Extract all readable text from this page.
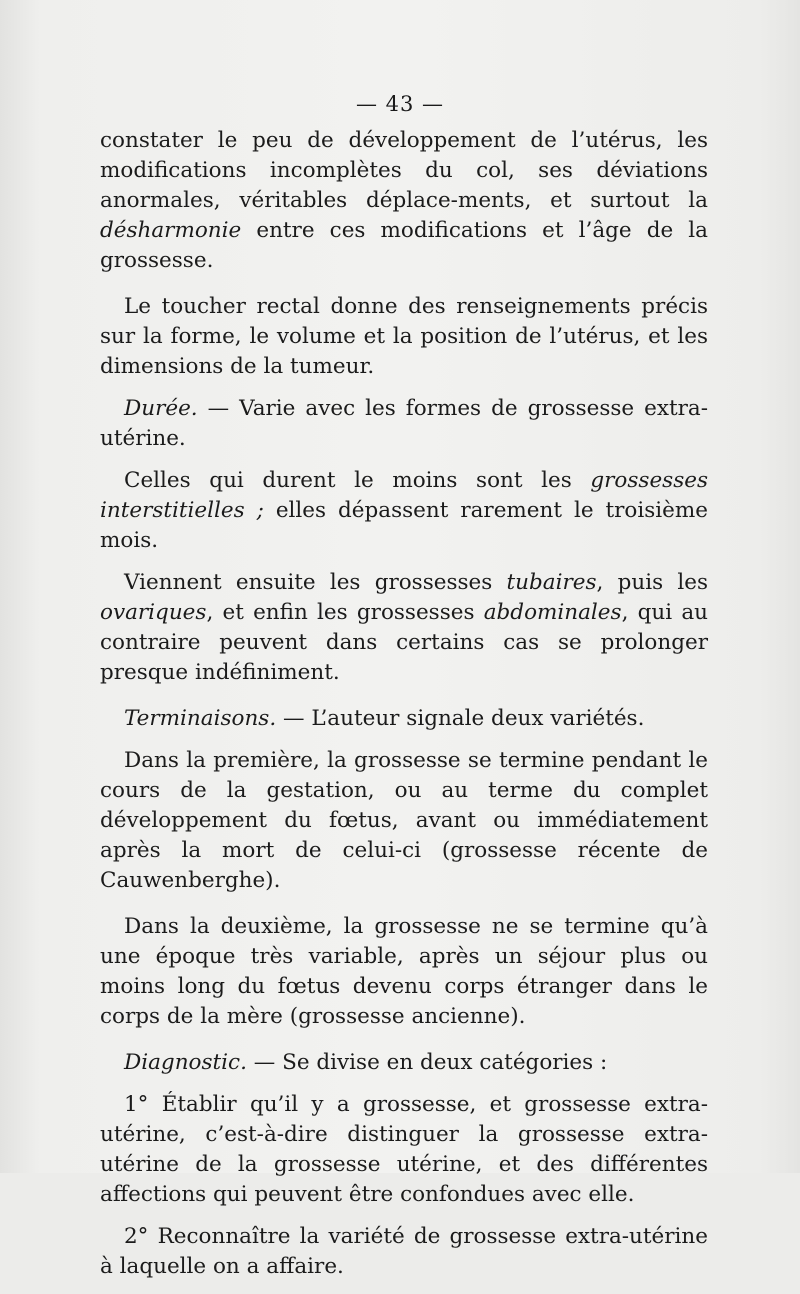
— 43 —

constater le peu de développement de l’utérus, les modifications incomplètes du col, ses déviations anormales, véritables déplace-ments, et surtout la désharmonie entre ces modifications et l’âge de la grossesse.

Le toucher rectal donne des renseignements précis sur la forme, le volume et la position de l’utérus, et les dimensions de la tumeur.

Durée. — Varie avec les formes de grossesse extra-utérine.

Celles qui durent le moins sont les grossesses interstitielles ; elles dépassent rarement le troisième mois.

Viennent ensuite les grossesses tubaires, puis les ovariques, et enfin les grossesses abdominales, qui au contraire peuvent dans certains cas se prolonger presque indéfiniment.

Terminaisons. — L’auteur signale deux variétés.

Dans la première, la grossesse se termine pendant le cours de la gestation, ou au terme du complet développement du fœtus, avant ou immédiatement après la mort de celui-ci (grossesse récente de Cauwenberghe).

Dans la deuxième, la grossesse ne se termine qu’à une époque très variable, après un séjour plus ou moins long du fœtus devenu corps étranger dans le corps de la mère (grossesse ancienne).

Diagnostic. — Se divise en deux catégories :

1° Établir qu’il y a grossesse, et grossesse extra-utérine, c’est-à-dire distinguer la grossesse extra-utérine de la grossesse utérine, et des différentes affections qui peuvent être confondues avec elle.

2° Reconnaître la variété de grossesse extra-utérine à laquelle on a affaire.
